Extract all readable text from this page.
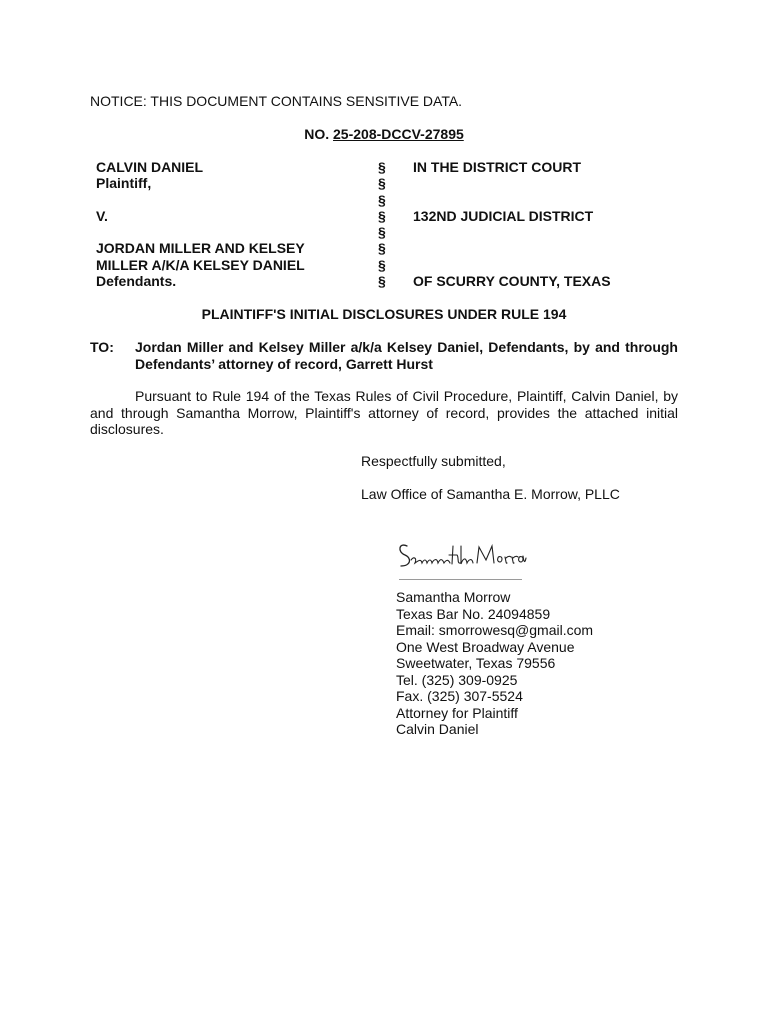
NOTICE: THIS DOCUMENT CONTAINS SENSITIVE DATA.
NO. 25-208-DCCV-27895
CALVIN DANIEL
Plaintiff,
V.
JORDAN MILLER AND KELSEY
MILLER A/K/A KELSEY DANIEL
Defendants.
§
§
§
§
§
§
§
§
IN THE DISTRICT COURT
132ND JUDICIAL DISTRICT
OF SCURRY COUNTY, TEXAS
PLAINTIFF'S INITIAL DISCLOSURES UNDER RULE 194
TO: Jordan Miller and Kelsey Miller a/k/a Kelsey Daniel, Defendants, by and through Defendants’ attorney of record, Garrett Hurst
Pursuant to Rule 194 of the Texas Rules of Civil Procedure, Plaintiff, Calvin Daniel, by and through Samantha Morrow, Plaintiff's attorney of record, provides the attached initial disclosures.
Respectfully submitted,
Law Office of Samantha E. Morrow, PLLC
Samantha Morrow
Texas Bar No. 24094859
Email: smorrowesq@gmail.com
One West Broadway Avenue
Sweetwater, Texas 79556
Tel. (325) 309-0925
Fax. (325) 307-5524
Attorney for Plaintiff
Calvin Daniel
